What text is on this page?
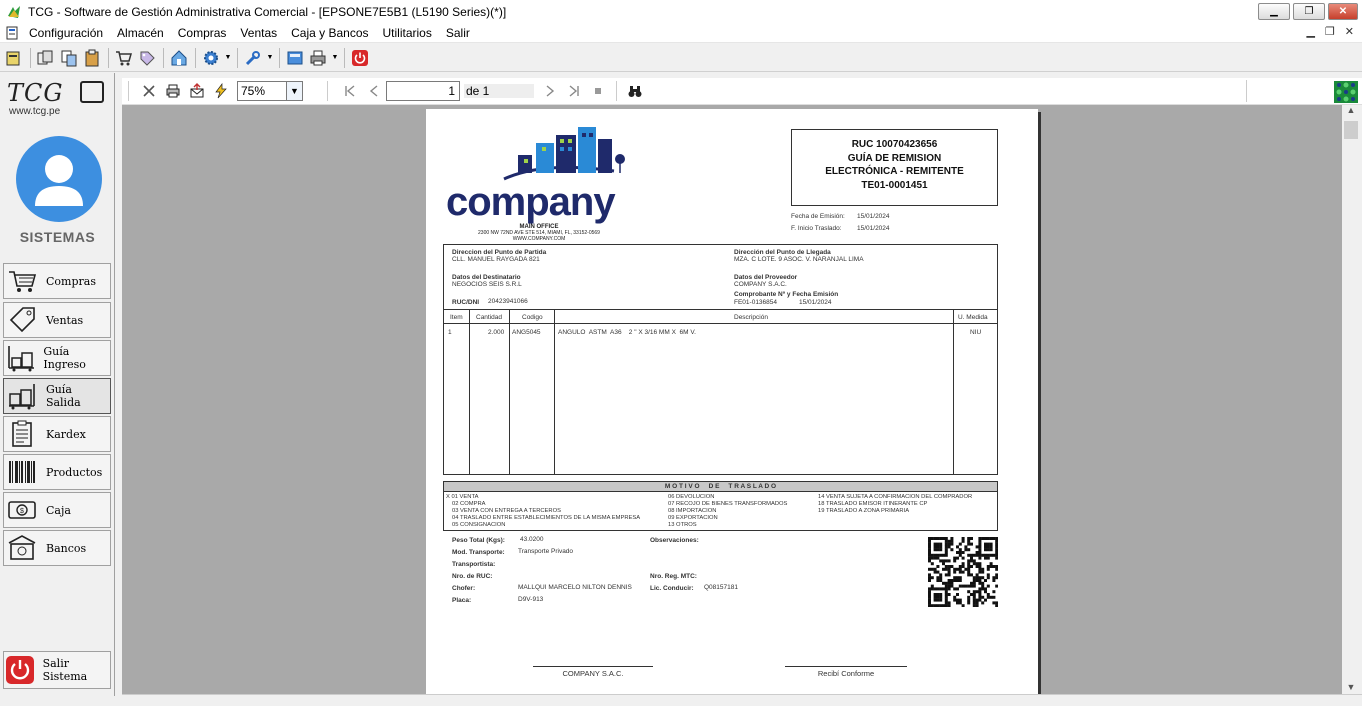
TCG - Software de Gestión Administrativa Comercial - [EPSONE7E5B1 (L5190 Series)(*)]	▁	❐	✕
Configuración	Almacén	Compras	Ventas	Caja y Bancos	Utilitarios	Salir	▁ ❐ ✕
▼	▼	▼
TCG
www.tcg.pe
SISTEMAS
Compras
Ventas
Guía Ingreso
Guía Salida
Kardex
Productos
$ Caja
Bancos
Salir Sistema
75%	▼	1 de 1
company
MAIN OFFICE
2300 NW 72ND AVE STE 514, MIAMI, FL, 33152-0569
WWW.COMPANY.COM
RUC 10070423656
GUÍA DE REMISION
ELECTRÓNICA - REMITENTE
TE01-0001451
Fecha de Emisión: 15/01/2024
F. Inicio Traslado: 15/01/2024
Direccion del Punto de Partida
CLL. MANUEL RAYGADA 821
Dirección del Punto de Llegada
MZA. C LOTE. 9 ASOC. V. NARANJAL LIMA
Datos del Destinatario
NEGOCIOS SEIS S.R.L
Datos del Proveedor
COMPANY S.A.C.
Comprobante Nº y Fecha Emisión
FE01-0136854	15/01/2024
RUC/DNI 20423941066
Item Cantidad	Codigo	Descripción	U. Medida
1	2.000 ANG5045	ANGULO  ASTM  A36    2 " X 3/16 MM X  6M V.	NIU
M O T I V O     D E     T R A S L A D O
X 01 VENTA
02 COMPRA
03 VENTA CON ENTREGA A TERCEROS
04 TRASLADO ENTRE ESTABLECIMIENTOS DE LA MISMA EMPRESA
05 CONSIGNACION
06 DEVOLUCION
07 RECOJO DE BIENES TRANSFORMADOS
08 IMPORTACION
09 EXPORTACION
13 OTROS
14 VENTA SUJETA A CONFIRMACION DEL COMPRADOR
18 TRASLADO EMISOR ITINERANTE CP
19 TRASLADO A ZONA PRIMARIA
Peso Total (Kgs): 43.0200	Observaciones:
Mod. Transporte: Transporte Privado
Transportista:
Nro. de RUC:	Nro. Reg. MTC:
Chofer:	MALLQUI MARCELO NILTON DENNIS	Lic. Conducir: Q08157181
Placa:	D9V-913
COMPANY S.A.C.	Recibí Conforme
▲
▼
